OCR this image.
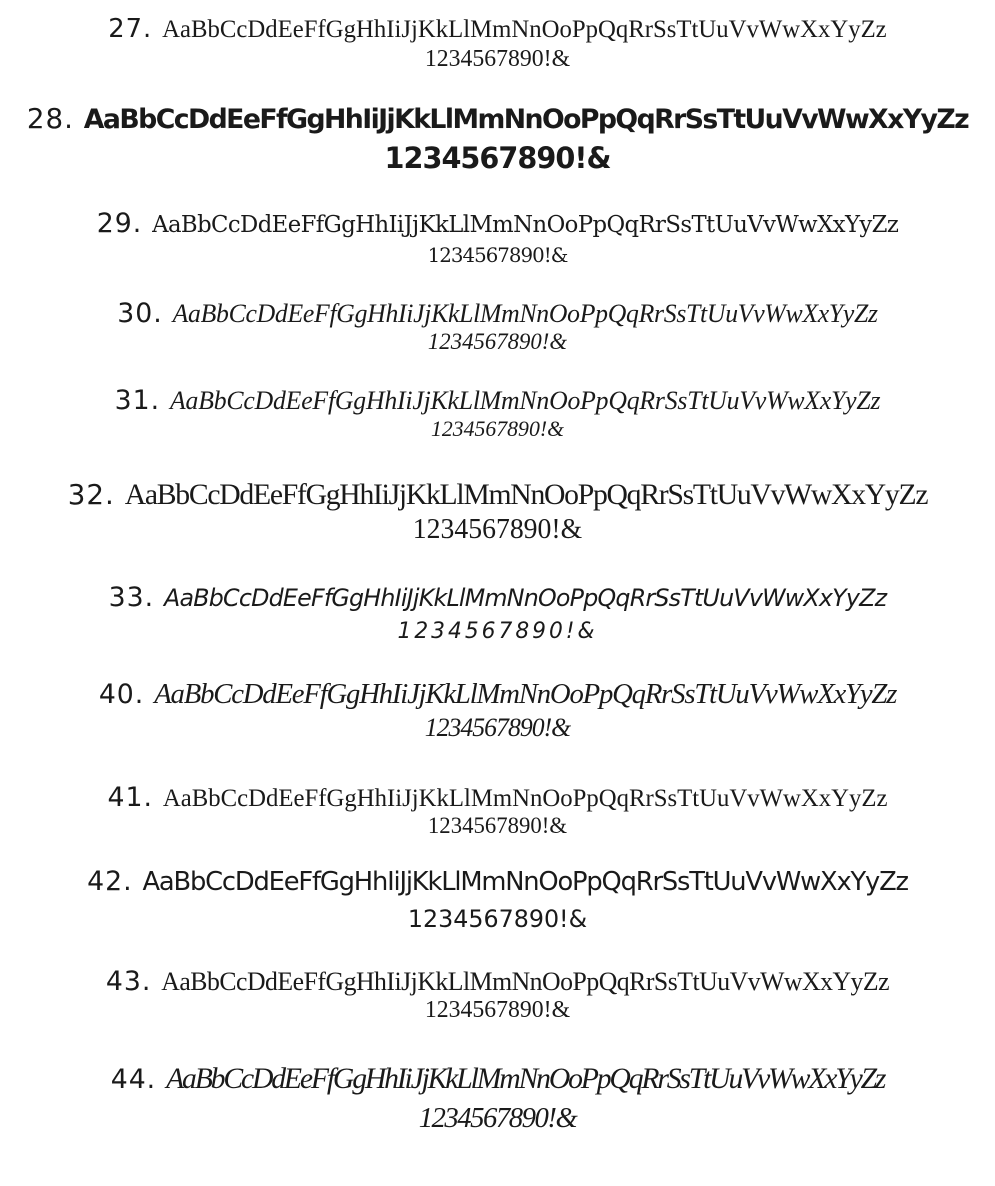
27. AaBbCcDdEeFfGgHhIiJjKkLlMmNnOoPpQqRrSsTtUuVvWwXxYyZz
1234567890!&
28. AaBbCcDdEeFfGgHhIiJjKkLlMmNnOoPpQqRrSsTtUuVvWwXxYyZz
1234567890!&
29. AaBbCcDdEeFfGgHhIiJjKkLlMmNnOoPpQqRrSsTtUuVvWwXxYyZz
1234567890!&
30. AaBbCcDdEeFfGgHhIiJjKkLlMmNnOoPpQqRrSsTtUuVvWwXxYyZz
1234567890!&
31. AaBbCcDdEeFfGgHhIiJjKkLlMmNnOoPpQqRrSsTtUuVvWwXxYyZz
1234567890!&
32. AaBbCcDdEeFfGgHhIiJjKkLlMmNnOoPpQqRrSsTtUuVvWwXxYyZz
1234567890!&
33. AaBbCcDdEeFfGgHhIiJjKkLlMmNnOoPpQqRrSsTtUuVvWwXxYyZz
1234567890!&
40. AaBbCcDdEeFfGgHhIiJjKkLlMmNnOoPpQqRrSsTtUuVvWwXxYyZz
1234567890!&
41. AaBbCcDdEeFfGgHhIiJjKkLlMmNnOoPpQqRrSsTtUuVvWwXxYyZz
1234567890!&
42. AaBbCcDdEeFfGgHhIiJjKkLlMmNnOoPpQqRrSsTtUuVvWwXxYyZz
1234567890!&
43. AaBbCcDdEeFfGgHhIiJjKkLlMmNnOoPpQqRrSsTtUuVvWwXxYyZz
1234567890!&
44. AaBbCcDdEeFfGgHhIiJjKkLlMmNnOoPpQqRrSsTtUuVvWwXxYyZz
1234567890!&
